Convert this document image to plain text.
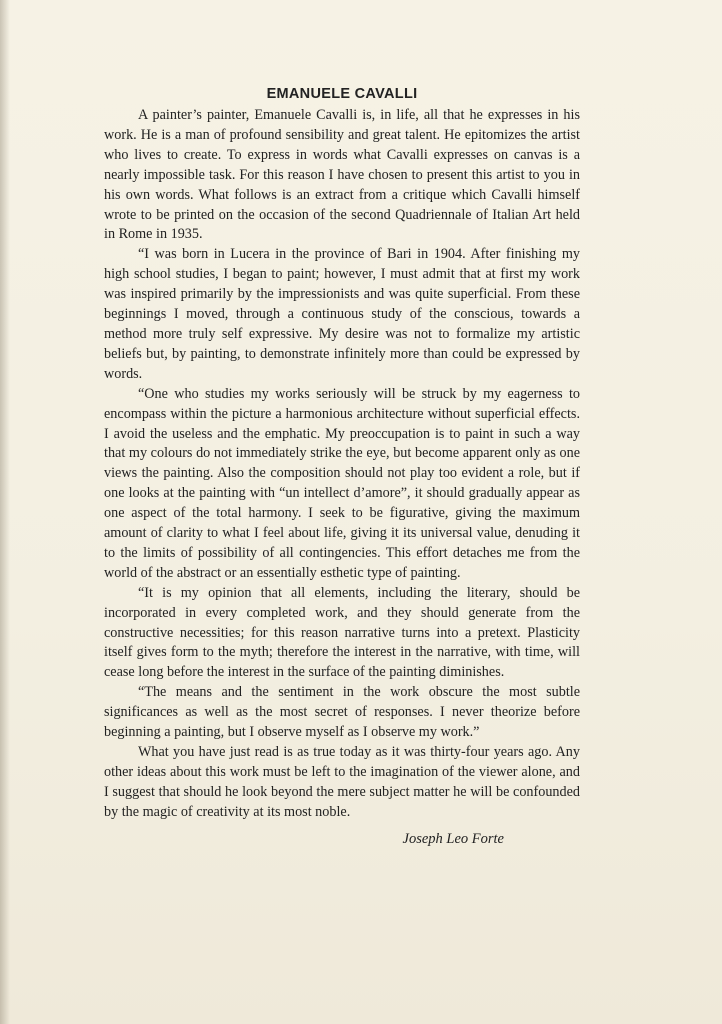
EMANUELE CAVALLI

A painter’s painter, Emanuele Cavalli is, in life, all that he expresses in his work. He is a man of profound sensibility and great talent. He epitomizes the artist who lives to create. To express in words what Cavalli expresses on canvas is a nearly impossible task. For this reason I have chosen to present this artist to you in his own words. What follows is an extract from a critique which Cavalli himself wrote to be printed on the occasion of the second Quadriennale of Italian Art held in Rome in 1935.

“I was born in Lucera in the province of Bari in 1904. After finishing my high school studies, I began to paint; however, I must admit that at first my work was inspired primarily by the impressionists and was quite superficial. From these beginnings I moved, through a continuous study of the conscious, towards a method more truly self expressive. My desire was not to formalize my artistic beliefs but, by painting, to demonstrate infinitely more than could be expressed by words.

“One who studies my works seriously will be struck by my eagerness to encompass within the picture a harmonious architecture without superficial effects. I avoid the useless and the emphatic. My preoccupation is to paint in such a way that my colours do not immediately strike the eye, but become apparent only as one views the painting. Also the composition should not play too evident a role, but if one looks at the painting with “un intellect d’amore”, it should gradually appear as one aspect of the total harmony. I seek to be figurative, giving the maximum amount of clarity to what I feel about life, giving it its universal value, denuding it to the limits of possibility of all contingencies. This effort detaches me from the world of the abstract or an essentially esthetic type of painting.

“It is my opinion that all elements, including the literary, should be incorporated in every completed work, and they should generate from the constructive necessities; for this reason narrative turns into a pretext. Plasticity itself gives form to the myth; therefore the interest in the narrative, with time, will cease long before the interest in the surface of the painting diminishes.

“The means and the sentiment in the work obscure the most subtle significances as well as the most secret of responses. I never theorize before beginning a painting, but I observe myself as I observe my work.”

What you have just read is as true today as it was thirty-four years ago. Any other ideas about this work must be left to the imagination of the viewer alone, and I suggest that should he look beyond the mere subject matter he will be confounded by the magic of creativity at its most noble.

Joseph Leo Forte
